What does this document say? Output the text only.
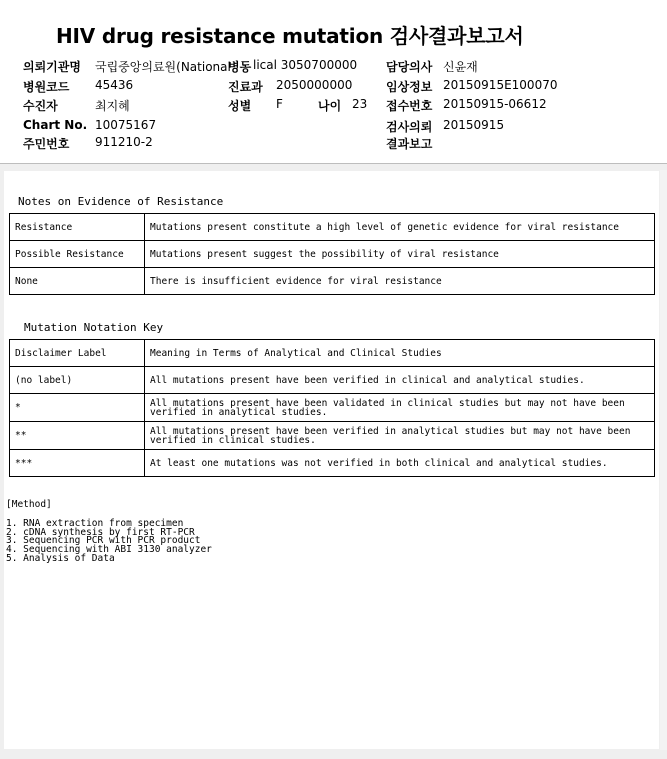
HIV drug resistance mutation 검사결과보고서
의뢰기관명 국립중앙의료원(National
병동 lical 3050700000 담당의사 신윤재
병원코드 45436	진료과 2050000000	임상정보 20150915E100070
수진자	최지혜	성별 F	나이 23 접수번호 20150915-06612
Chart No. 10075167	검사의뢰 20150915
주민번호 911210-2	결과보고
Notes on Evidence of Resistance
Resistance	Mutations present constitute a high level of genetic evidence for viral resistance
Possible Resistance	Mutations present suggest the possibility of viral resistance
None	There is insufficient evidence for viral resistance
Mutation Notation Key
Disclaimer Label	Meaning in Terms of Analytical and Clinical Studies
(no label)	All mutations present have been verified in clinical and analytical studies.
*	All mutations present have been validated in clinical studies but may not have been verified in analytical studies.
**	All mutations present have been verified in analytical studies but may not have been verified in clinical studies.
***	At least one mutations was not verified in both clinical and analytical studies.
[Method]
1. RNA extraction from specimen
2. cDNA synthesis by first RT-PCR
3. Sequencing PCR with PCR product
4. Sequencing with ABI 3130 analyzer
5. Analysis of Data
